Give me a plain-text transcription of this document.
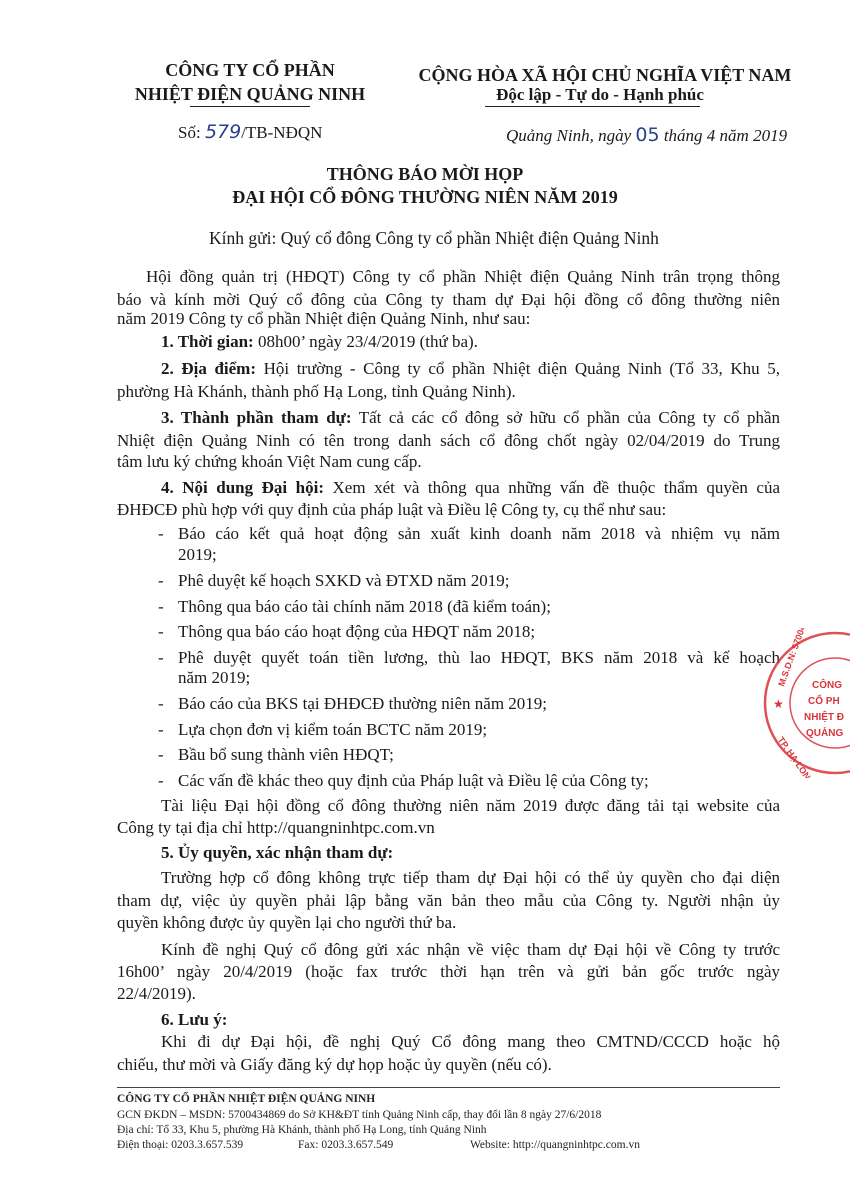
CÔNG TY CỔ PHẦN
NHIỆT ĐIỆN QUẢNG NINH
CỘNG HÒA XÃ HỘI CHỦ NGHĨA VIỆT NAM
Độc lập - Tự do - Hạnh phúc
Số: 579/TB-NĐQN	Quảng Ninh, ngày 05 tháng 4 năm 2019
THÔNG BÁO MỜI HỌP
ĐẠI HỘI CỔ ĐÔNG THƯỜNG NIÊN NĂM 2019
Kính gửi: Quý cổ đông Công ty cổ phần Nhiệt điện Quảng Ninh
Hội đồng quản trị (HĐQT) Công ty cổ phần Nhiệt điện Quảng Ninh trân trọng thông
báo và kính mời Quý cổ đông của Công ty tham dự Đại hội đồng cổ đông thường niên
năm 2019 Công ty cổ phần Nhiệt điện Quảng Ninh, như sau:
1. Thời gian: 08h00’ ngày 23/4/2019 (thứ ba).
2. Địa điểm: Hội trường - Công ty cổ phần Nhiệt điện Quảng Ninh (Tổ 33, Khu 5,
phường Hà Khánh, thành phố Hạ Long, tỉnh Quảng Ninh).
3. Thành phần tham dự: Tất cả các cổ đông sở hữu cổ phần của Công ty cổ phần
Nhiệt điện Quảng Ninh có tên trong danh sách cổ đông chốt ngày 02/04/2019 do Trung
tâm lưu ký chứng khoán Việt Nam cung cấp.
4. Nội dung Đại hội: Xem xét và thông qua những vấn đề thuộc thẩm quyền của
ĐHĐCĐ phù hợp với quy định của pháp luật và Điều lệ Công ty, cụ thể như sau:
- Báo cáo kết quả hoạt động sản xuất kinh doanh năm 2018 và nhiệm vụ năm
2019;
- Phê duyệt kế hoạch SXKD và ĐTXD năm 2019;
- Thông qua báo cáo tài chính năm 2018 (đã kiểm toán);
- Thông qua báo cáo hoạt động của HĐQT năm 2018;
- Phê duyệt quyết toán tiền lương, thù lao HĐQT, BKS năm 2018 và kế hoạch
năm 2019;
- Báo cáo của BKS tại ĐHĐCĐ thường niên năm 2019;
- Lựa chọn đơn vị kiểm toán BCTC năm 2019;
- Bầu bổ sung thành viên HĐQT;
- Các vấn đề khác theo quy định của Pháp luật và Điều lệ của Công ty;
Tài liệu Đại hội đồng cổ đông thường niên năm 2019 được đăng tải tại website của
Công ty tại địa chỉ http://quangninhtpc.com.vn
5. Ủy quyền, xác nhận tham dự:
Trường hợp cổ đông không trực tiếp tham dự Đại hội có thể ủy quyền cho đại diện
tham dự, việc ủy quyền phải lập bằng văn bản theo mẫu của Công ty. Người nhận ủy
quyền không được ủy quyền lại cho người thứ ba.
Kính đề nghị Quý cổ đông gửi xác nhận về việc tham dự Đại hội về Công ty trước
16h00’ ngày 20/4/2019 (hoặc fax trước thời hạn trên và gửi bản gốc trước ngày
22/4/2019).
6. Lưu ý:
Khi đi dự Đại hội, đề nghị Quý Cổ đông mang theo CMTND/CCCD hoặc hộ
chiếu, thư mời và Giấy đăng ký dự họp hoặc ủy quyền (nếu có).
CÔNG TY CỔ PHẦN NHIỆT ĐIỆN QUẢNG NINH
GCN ĐKDN – MSDN: 5700434869 do Sở KH&ĐT tỉnh Quảng Ninh cấp, thay đổi lần 8 ngày 27/6/2018
Địa chỉ: Tổ 33, Khu 5, phường Hà Khánh, thành phố Hạ Long, tỉnh Quảng Ninh
Điện thoại: 0203.3.657.539	Fax: 0203.3.657.549	Website: http://quangninhtpc.com.vn
CÔNG
CỔ PH
NHIỆT Đ
QUẢNG
★
M.S.D.N: 5700434
TP. HẠ LONG - T
